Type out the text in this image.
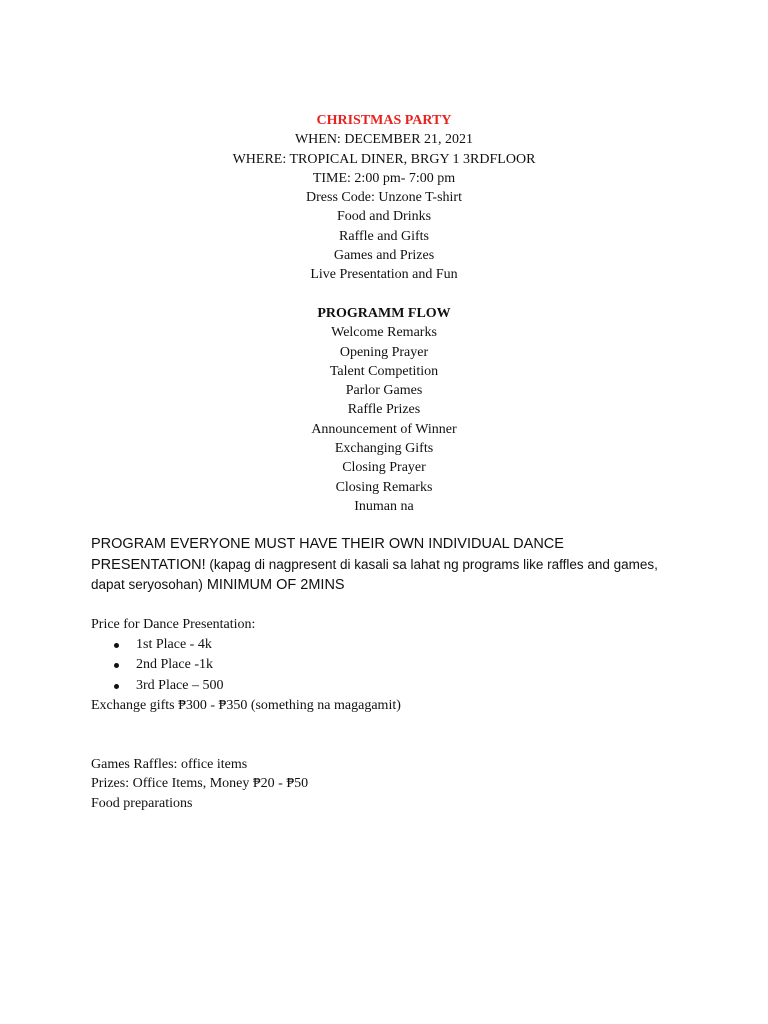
CHRISTMAS PARTY
WHEN: DECEMBER 21, 2021
WHERE: TROPICAL DINER, BRGY 1 3RDFLOOR
TIME: 2:00 pm- 7:00 pm
Dress Code: Unzone T-shirt
Food and Drinks
Raffle and Gifts
Games and Prizes
Live Presentation and Fun
PROGRAMM FLOW
Welcome Remarks
Opening Prayer
Talent Competition
Parlor Games
Raffle Prizes
Announcement of Winner
Exchanging Gifts
Closing Prayer
Closing Remarks
Inuman na
PROGRAM EVERYONE MUST HAVE THEIR OWN INDIVIDUAL DANCE
PRESENTATION! (kapag di nagpresent di kasali sa lahat ng programs like raffles and games,
dapat seryosohan) MINIMUM OF 2MINS
Price for Dance Presentation:
1st Place - 4k
2nd Place -1k
3rd Place – 500
Exchange gifts ₱300 - ₱350 (something na magagamit)
Games Raffles: office items
Prizes: Office Items, Money ₱20 - ₱50
Food preparations
